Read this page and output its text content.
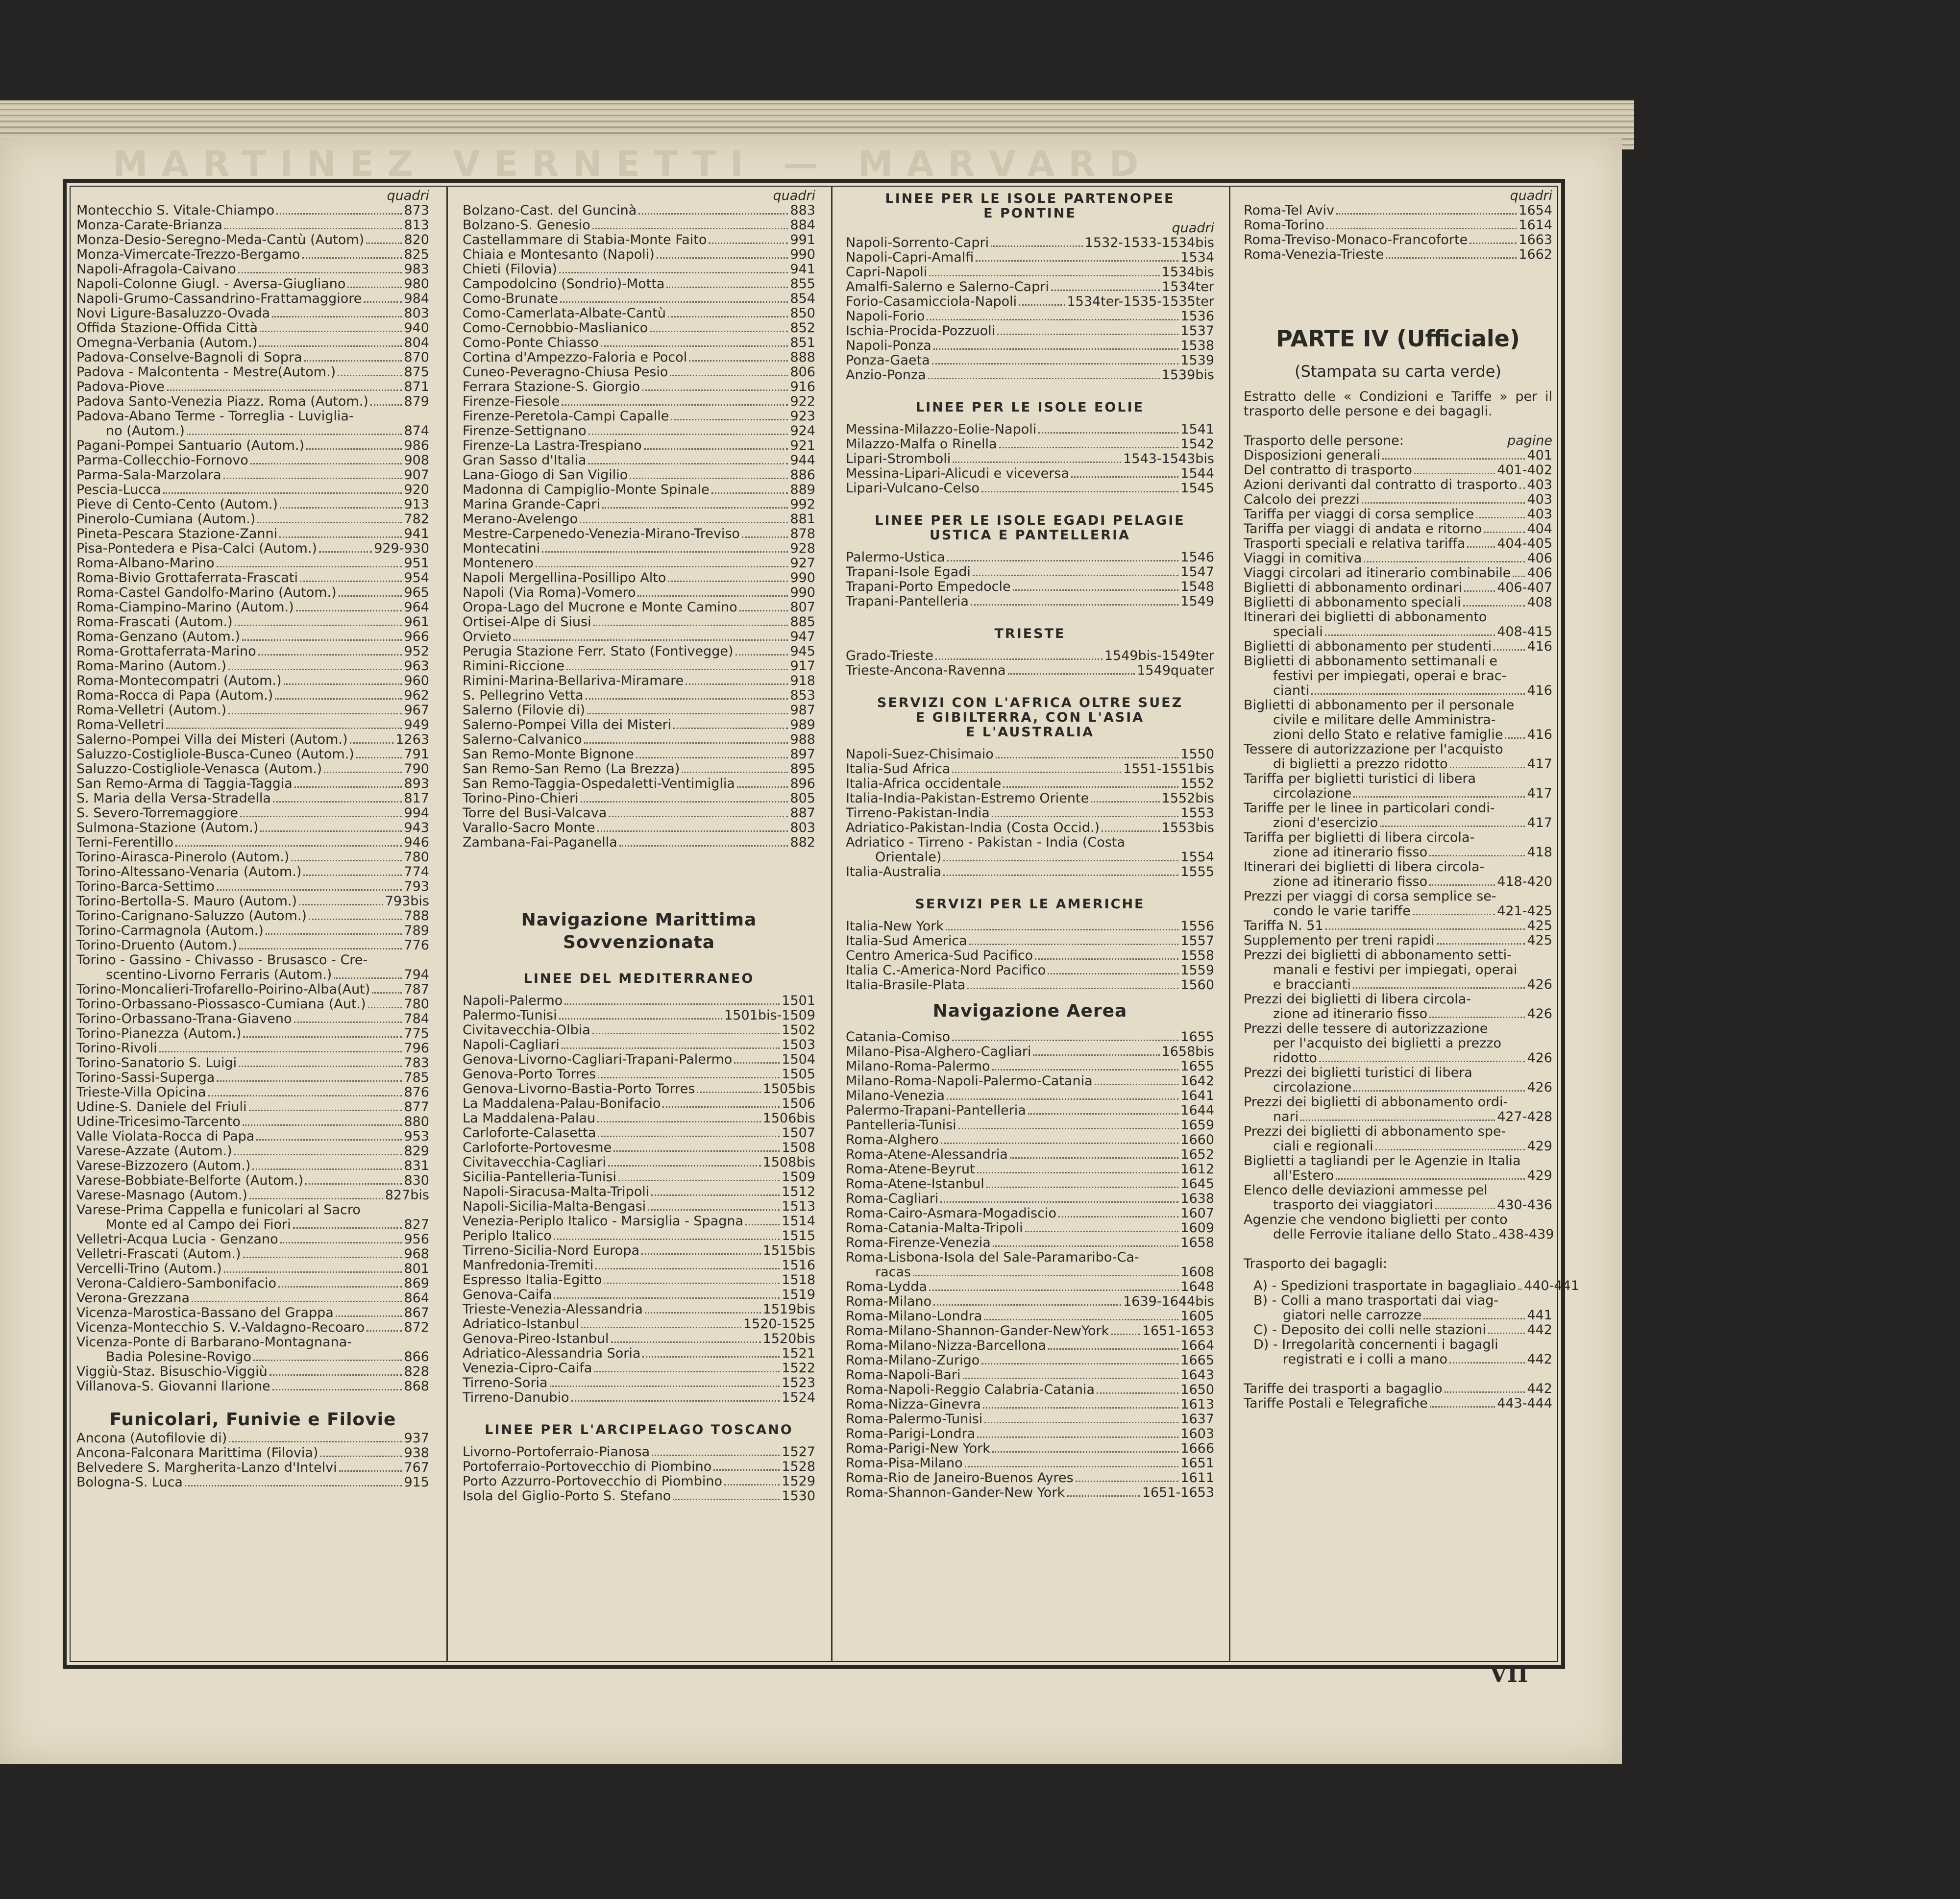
MARTINEZ VERNETTI — MARVARD
quadri
Montecchio S. Vitale-Chiampo	873
Monza-Carate-Brianza	813
Monza-Desio-Seregno-Meda-Cantù (Autom)	820
Monza-Vimercate-Trezzo-Bergamo	825
Napoli-Afragola-Caivano	983
Napoli-Colonne Giugl. - Aversa-Giugliano	980
Napoli-Grumo-Cassandrino-Frattamaggiore	984
Novi Ligure-Basaluzzo-Ovada	803
Offida Stazione-Offida Città	940
Omegna-Verbania (Autom.)	804
Padova-Conselve-Bagnoli di Sopra	870
Padova - Malcontenta - Mestre(Autom.)	875
Padova-Piove	871
Padova Santo-Venezia Piazz. Roma (Autom.)	879
Padova-Abano Terme - Torreglia - Luviglia-
no (Autom.)	874
Pagani-Pompei Santuario (Autom.)	986
Parma-Collecchio-Fornovo	908
Parma-Sala-Marzolara	907
Pescia-Lucca	920
Pieve di Cento-Cento (Autom.)	913
Pinerolo-Cumiana (Autom.)	782
Pineta-Pescara Stazione-Zanni	941
Pisa-Pontedera e Pisa-Calci (Autom.)	929-930
Roma-Albano-Marino	951
Roma-Bivio Grottaferrata-Frascati	954
Roma-Castel Gandolfo-Marino (Autom.)	965
Roma-Ciampino-Marino (Autom.)	964
Roma-Frascati (Autom.)	961
Roma-Genzano (Autom.)	966
Roma-Grottaferrata-Marino	952
Roma-Marino (Autom.)	963
Roma-Montecompatri (Autom.)	960
Roma-Rocca di Papa (Autom.)	962
Roma-Velletri (Autom.)	967
Roma-Velletri	949
Salerno-Pompei Villa dei Misteri (Autom.)	1263
Saluzzo-Costigliole-Busca-Cuneo (Autom.)	791
Saluzzo-Costigliole-Venasca (Autom.)	790
San Remo-Arma di Taggia-Taggia	893
S. Maria della Versa-Stradella	817
S. Severo-Torremaggiore	994
Sulmona-Stazione (Autom.)	943
Terni-Ferentillo	946
Torino-Airasca-Pinerolo (Autom.)	780
Torino-Altessano-Venaria (Autom.)	774
Torino-Barca-Settimo	793
Torino-Bertolla-S. Mauro (Autom.)	793bis
Torino-Carignano-Saluzzo (Autom.)	788
Torino-Carmagnola (Autom.)	789
Torino-Druento (Autom.)	776
Torino - Gassino - Chivasso - Brusasco - Cre-
scentino-Livorno Ferraris (Autom.)	794
Torino-Moncalieri-Trofarello-Poirino-Alba(Aut)	787
Torino-Orbassano-Piossasco-Cumiana (Aut.)	780
Torino-Orbassano-Trana-Giaveno	784
Torino-Pianezza (Autom.)	775
Torino-Rivoli	796
Torino-Sanatorio S. Luigi	783
Torino-Sassi-Superga	785
Trieste-Villa Opicina	876
Udine-S. Daniele del Friuli	877
Udine-Tricesimo-Tarcento	880
Valle Violata-Rocca di Papa	953
Varese-Azzate (Autom.)	829
Varese-Bizzozero (Autom.)	831
Varese-Bobbiate-Belforte (Autom.)	830
Varese-Masnago (Autom.)	827bis
Varese-Prima Cappella e funicolari al Sacro
Monte ed al Campo dei Fiori	827
Velletri-Acqua Lucia - Genzano	956
Velletri-Frascati (Autom.)	968
Vercelli-Trino (Autom.)	801
Verona-Caldiero-Sambonifacio	869
Verona-Grezzana	864
Vicenza-Marostica-Bassano del Grappa	867
Vicenza-Montecchio S. V.-Valdagno-Recoaro	872
Vicenza-Ponte di Barbarano-Montagnana-
Badia Polesine-Rovigo	866
Viggiù-Staz. Bisuschio-Viggiù	828
Villanova-S. Giovanni Ilarione	868
Funicolari, Funivie e Filovie
Ancona (Autofilovie di)	937
Ancona-Falconara Marittima (Filovia)	938
Belvedere S. Margherita-Lanzo d'Intelvi	767
Bologna-S. Luca	915
quadri
Bolzano-Cast. del Guncinà	883
Bolzano-S. Genesio	884
Castellammare di Stabia-Monte Faito	991
Chiaia e Montesanto (Napoli)	990
Chieti (Filovia)	941
Campodolcino (Sondrio)-Motta	855
Como-Brunate	854
Como-Camerlata-Albate-Cantù	850
Como-Cernobbio-Maslianico	852
Como-Ponte Chiasso	851
Cortina d'Ampezzo-Faloria e Pocol	888
Cuneo-Peveragno-Chiusa Pesio	806
Ferrara Stazione-S. Giorgio	916
Firenze-Fiesole	922
Firenze-Peretola-Campi Capalle	923
Firenze-Settignano	924
Firenze-La Lastra-Trespiano	921
Gran Sasso d'Italia	944
Lana-Giogo di San Vigilio	886
Madonna di Campiglio-Monte Spinale	889
Marina Grande-Capri	992
Merano-Avelengo	881
Mestre-Carpenedo-Venezia-Mirano-Treviso	878
Montecatini	928
Montenero	927
Napoli Mergellina-Posillipo Alto	990
Napoli (Via Roma)-Vomero	990
Oropa-Lago del Mucrone e Monte Camino	807
Ortisei-Alpe di Siusi	885
Orvieto	947
Perugia Stazione Ferr. Stato (Fontivegge)	945
Rimini-Riccione	917
Rimini-Marina-Bellariva-Miramare	918
S. Pellegrino Vetta	853
Salerno (Filovie di)	987
Salerno-Pompei Villa dei Misteri	989
Salerno-Calvanico	988
San Remo-Monte Bignone	897
San Remo-San Remo (La Brezza)	895
San Remo-Taggia-Ospedaletti-Ventimiglia	896
Torino-Pino-Chieri	805
Torre del Busi-Valcava	887
Varallo-Sacro Monte	803
Zambana-Fai-Paganella	882
Navigazione Marittima
Sovvenzionata
LINEE DEL MEDITERRANEO
Napoli-Palermo	1501
Palermo-Tunisi	1501bis-1509
Civitavecchia-Olbia	1502
Napoli-Cagliari	1503
Genova-Livorno-Cagliari-Trapani-Palermo	1504
Genova-Porto Torres	1505
Genova-Livorno-Bastia-Porto Torres	1505bis
La Maddalena-Palau-Bonifacio	1506
La Maddalena-Palau	1506bis
Carloforte-Calasetta	1507
Carloforte-Portovesme	1508
Civitavecchia-Cagliari	1508bis
Sicilia-Pantelleria-Tunisi	1509
Napoli-Siracusa-Malta-Tripoli	1512
Napoli-Sicilia-Malta-Bengasi	1513
Venezia-Periplo Italico - Marsiglia - Spagna	1514
Periplo Italico	1515
Tirreno-Sicilia-Nord Europa	1515bis
Manfredonia-Tremiti	1516
Espresso Italia-Egitto	1518
Genova-Caifa	1519
Trieste-Venezia-Alessandria	1519bis
Adriatico-Istanbul	1520-1525
Genova-Pireo-Istanbul	1520bis
Adriatico-Alessandria Soria	1521
Venezia-Cipro-Caifa	1522
Tirreno-Soria	1523
Tirreno-Danubio	1524
LINEE PER L'ARCIPELAGO TOSCANO
Livorno-Portoferraio-Pianosa	1527
Portoferraio-Portovecchio di Piombino	1528
Porto Azzurro-Portovecchio di Piombino	1529
Isola del Giglio-Porto S. Stefano	1530
LINEE PER LE ISOLE PARTENOPEE
E PONTINE
quadri
Napoli-Sorrento-Capri	1532-1533-1534bis
Napoli-Capri-Amalfi	1534
Capri-Napoli	1534bis
Amalfi-Salerno e Salerno-Capri	1534ter
Forio-Casamicciola-Napoli	1534ter-1535-1535ter
Napoli-Forio	1536
Ischia-Procida-Pozzuoli	1537
Napoli-Ponza	1538
Ponza-Gaeta	1539
Anzio-Ponza	1539bis
LINEE PER LE ISOLE EOLIE
Messina-Milazzo-Eolie-Napoli	1541
Milazzo-Malfa o Rinella	1542
Lipari-Stromboli	1543-1543bis
Messina-Lipari-Alicudi e viceversa	1544
Lipari-Vulcano-Celso	1545
LINEE PER LE ISOLE EGADI PELAGIE
USTICA E PANTELLERIA
Palermo-Ustica	1546
Trapani-Isole Egadi	1547
Trapani-Porto Empedocle	1548
Trapani-Pantelleria	1549
TRIESTE
Grado-Trieste	1549bis-1549ter
Trieste-Ancona-Ravenna	1549quater
SERVIZI CON L'AFRICA OLTRE SUEZ
E GIBILTERRA, CON L'ASIA
E L'AUSTRALIA
Napoli-Suez-Chisimaio	1550
Italia-Sud Africa	1551-1551bis
Italia-Africa occidentale	1552
Italia-India-Pakistan-Estremo Oriente	1552bis
Tirreno-Pakistan-India	1553
Adriatico-Pakistan-India (Costa Occid.)	1553bis
Adriatico - Tirreno - Pakistan - India (Costa
Orientale)	1554
Italia-Australia	1555
SERVIZI PER LE AMERICHE
Italia-New York	1556
Italia-Sud America	1557
Centro America-Sud Pacifico	1558
Italia C.-America-Nord Pacifico	1559
Italia-Brasile-Plata	1560
Navigazione Aerea
Catania-Comiso	1655
Milano-Pisa-Alghero-Cagliari	1658bis
Milano-Roma-Palermo	1655
Milano-Roma-Napoli-Palermo-Catania	1642
Milano-Venezia	1641
Palermo-Trapani-Pantelleria	1644
Pantelleria-Tunisi	1659
Roma-Alghero	1660
Roma-Atene-Alessandria	1652
Roma-Atene-Beyrut	1612
Roma-Atene-Istanbul	1645
Roma-Cagliari	1638
Roma-Cairo-Asmara-Mogadiscio	1607
Roma-Catania-Malta-Tripoli	1609
Roma-Firenze-Venezia	1658
Roma-Lisbona-Isola del Sale-Paramaribo-Ca-
racas	1608
Roma-Lydda	1648
Roma-Milano	1639-1644bis
Roma-Milano-Londra	1605
Roma-Milano-Shannon-Gander-NewYork	1651-1653
Roma-Milano-Nizza-Barcellona	1664
Roma-Milano-Zurigo	1665
Roma-Napoli-Bari	1643
Roma-Napoli-Reggio Calabria-Catania	1650
Roma-Nizza-Ginevra	1613
Roma-Palermo-Tunisi	1637
Roma-Parigi-Londra	1603
Roma-Parigi-New York	1666
Roma-Pisa-Milano	1651
Roma-Rio de Janeiro-Buenos Ayres	1611
Roma-Shannon-Gander-New York	1651-1653
quadri
Roma-Tel Aviv	1654
Roma-Torino	1614
Roma-Treviso-Monaco-Francoforte	1663
Roma-Venezia-Trieste	1662
PARTE IV (Ufficiale)
(Stampata su carta verde)
Estratto delle « Condizioni e Tariffe » per il trasporto delle persone e dei bagagli.
Trasporto delle persone:	pagine
Disposizioni generali	401
Del contratto di trasporto	401-402
Azioni derivanti dal contratto di trasporto 403
Calcolo dei prezzi	403
Tariffa per viaggi di corsa semplice	403
Tariffa per viaggi di andata e ritorno	404
Trasporti speciali e relativa tariffa 404-405
Viaggi in comitiva	406
Viaggi circolari ad itinerario combinabile 406
Biglietti di abbonamento ordinari	406-407
Biglietti di abbonamento speciali	408
Itinerari dei biglietti di abbonamento
speciali	408-415
Biglietti di abbonamento per studenti	416
Biglietti di abbonamento settimanali e
festivi per impiegati, operai e brac-
cianti	416
Biglietti di abbonamento per il personale
civile e militare delle Amministra-
zioni dello Stato e relative famiglie 416
Tessere di autorizzazione per l'acquisto
di biglietti a prezzo ridotto	417
Tariffa per biglietti turistici di libera
circolazione	417
Tariffe per le linee in particolari condi-
zioni d'esercizio	417
Tariffa per biglietti di libera circola-
zione ad itinerario fisso	418
Itinerari dei biglietti di libera circola-
zione ad itinerario fisso	418-420
Prezzi per viaggi di corsa semplice se-
condo le varie tariffe	421-425
Tariffa N. 51	425
Supplemento per treni rapidi	425
Prezzi dei biglietti di abbonamento setti-
manali e festivi per impiegati, operai
e braccianti	426
Prezzi dei biglietti di libera circola-
zione ad itinerario fisso	426
Prezzi delle tessere di autorizzazione
per l'acquisto dei biglietti a prezzo
ridotto	426
Prezzi dei biglietti turistici di libera
circolazione	426
Prezzi dei biglietti di abbonamento ordi-
nari	427-428
Prezzi dei biglietti di abbonamento spe-
ciali e regionali	429
Biglietti a tagliandi per le Agenzie in Italia
all'Estero	429
Elenco delle deviazioni ammesse pel
trasporto dei viaggiatori	430-436
Agenzie che vendono biglietti per conto
delle Ferrovie italiane dello Stato 438-439
Trasporto dei bagagli:
A) - Spedizioni trasportate in bagagliaio 440-441
B) - Colli a mano trasportati dai viag-
giatori nelle carrozze	441
C) - Deposito dei colli nelle stazioni	442
D) - Irregolarità concernenti i bagagli
registrati e i colli a mano	442
Tariffe dei trasporti a bagaglio	442
Tariffe Postali e Telegrafiche	443-444
VII
